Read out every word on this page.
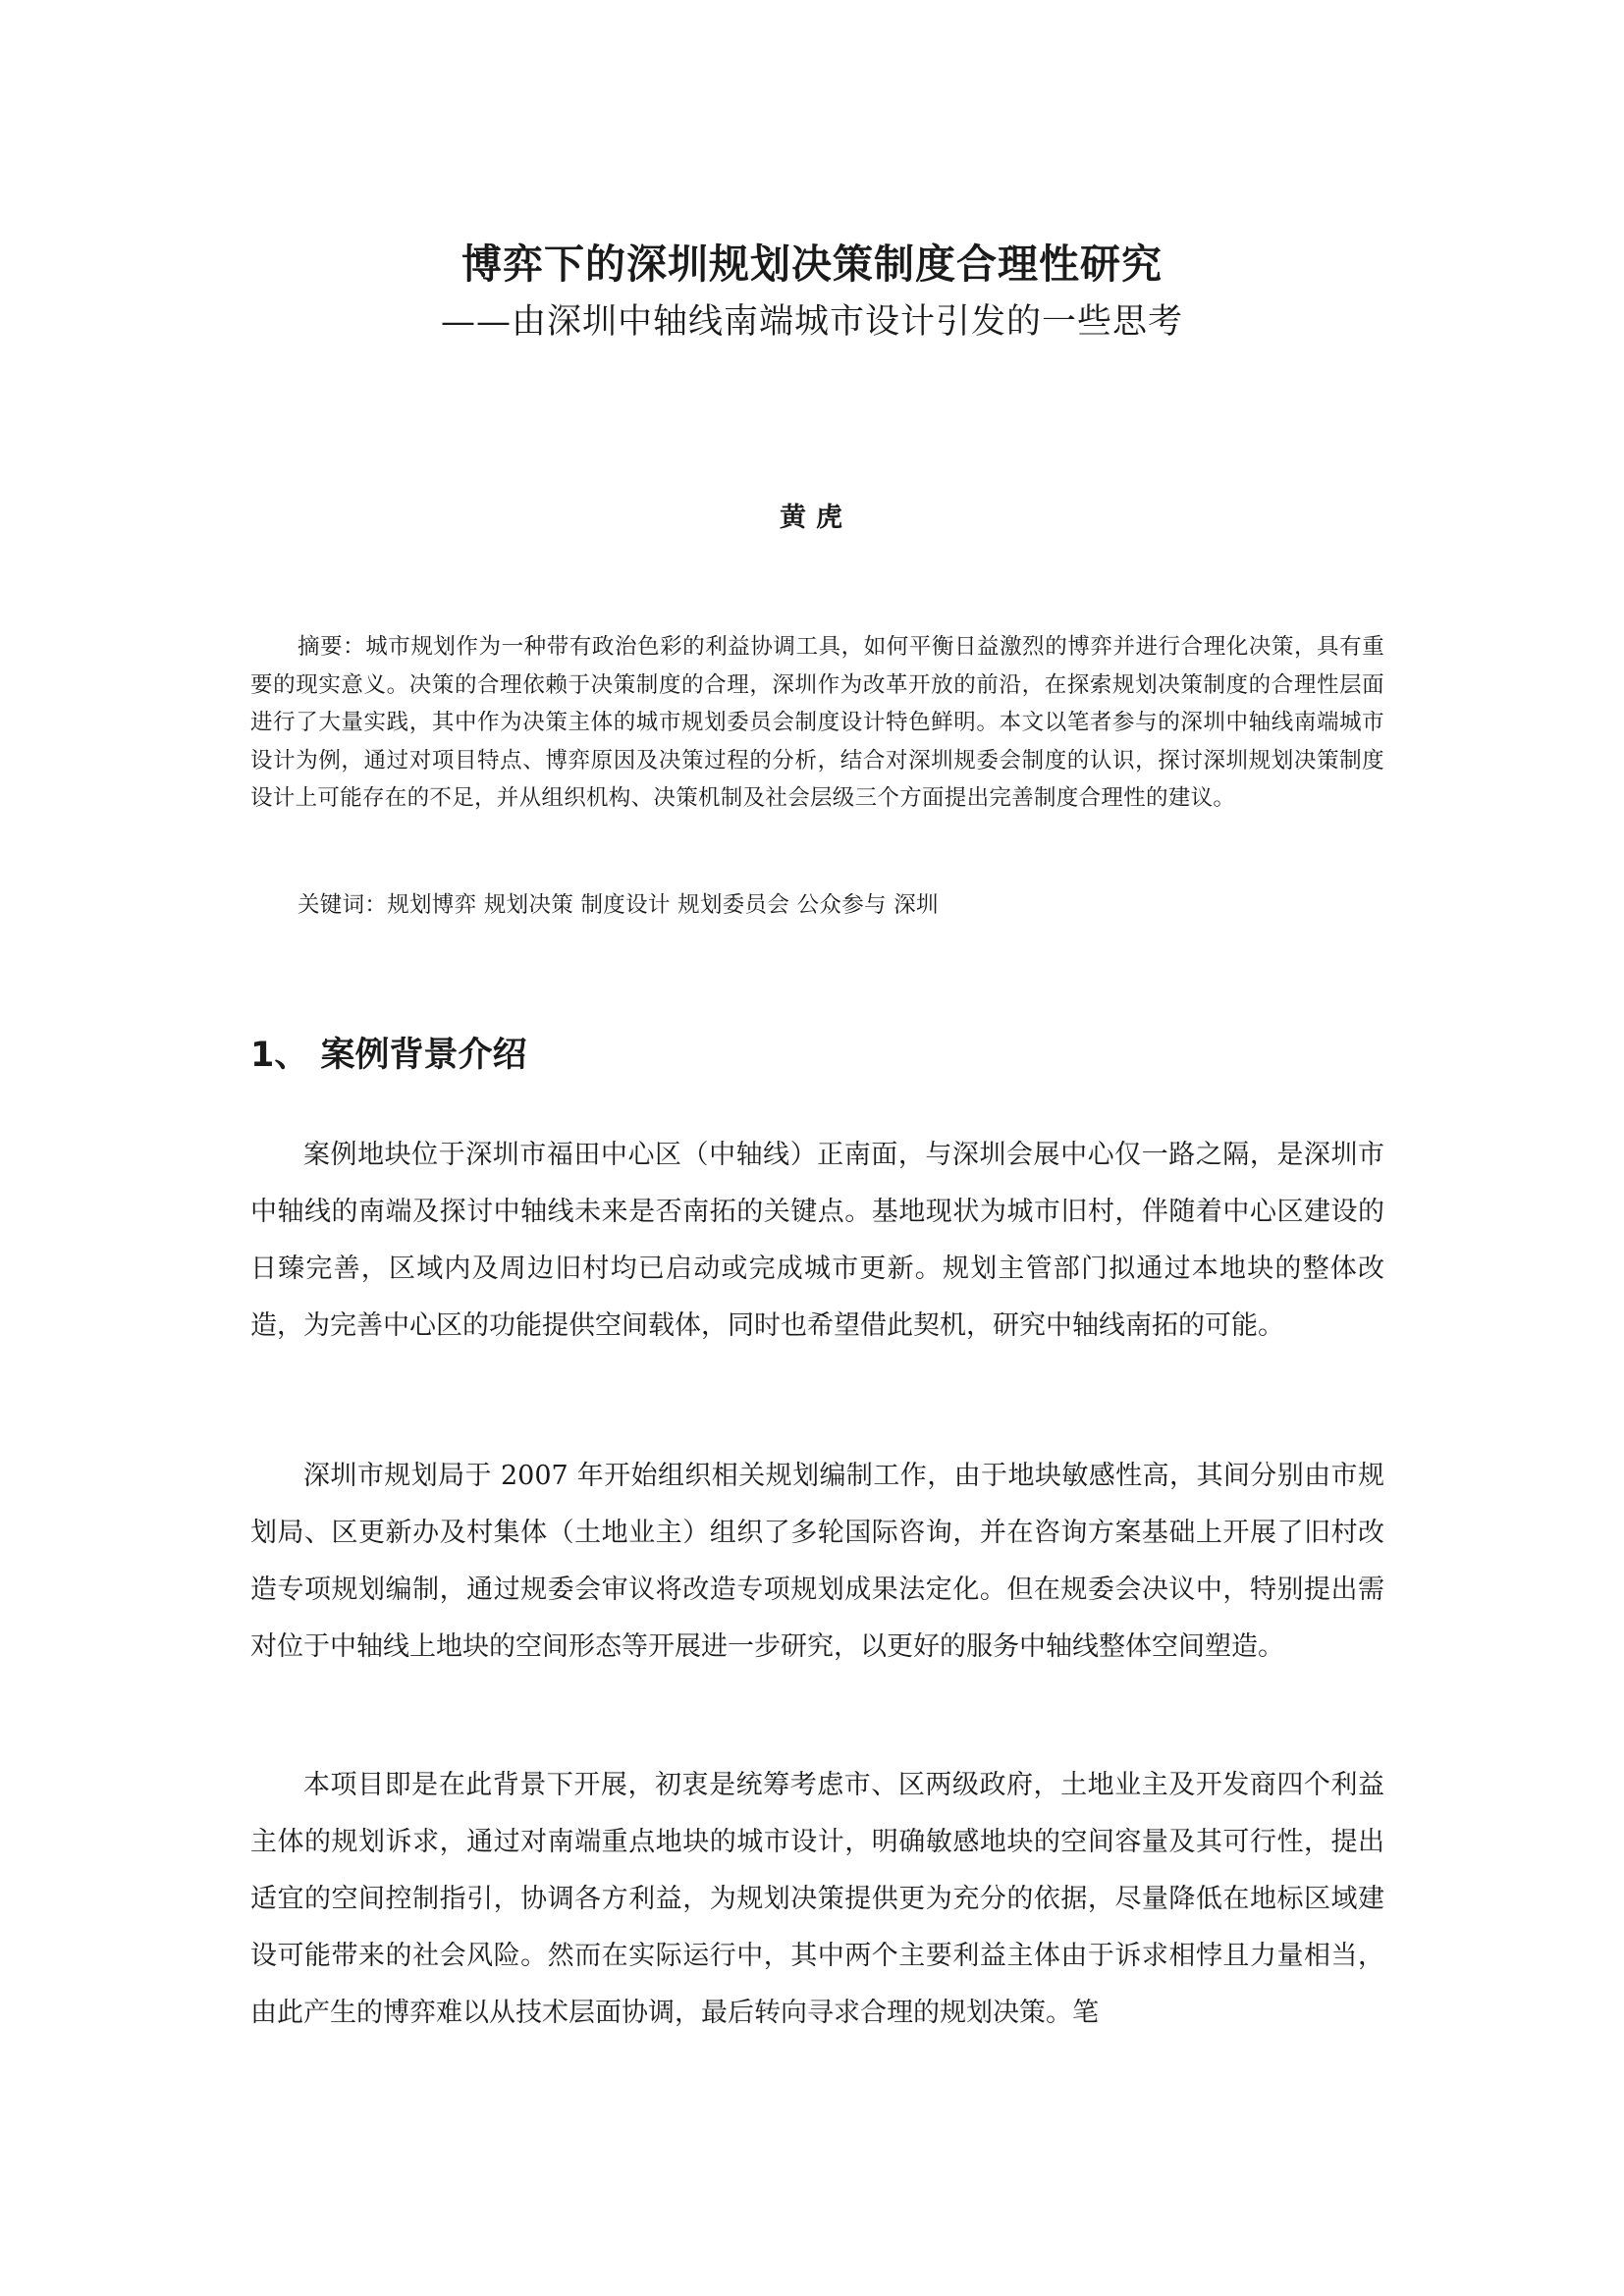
博弈下的深圳规划决策制度合理性研究
——由深圳中轴线南端城市设计引发的一些思考
黄虎

摘要：城市规划作为一种带有政治色彩的利益协调工具，如何平衡日益激烈的博弈并进行合理化决策，具有重要的现实意义。决策的合理依赖于决策制度的合理，深圳作为改革开放的前沿，在探索规划决策制度的合理性层面进行了大量实践，其中作为决策主体的城市规划委员会制度设计特色鲜明。本文以笔者参与的深圳中轴线南端城市设计为例，通过对项目特点、博弈原因及决策过程的分析，结合对深圳规委会制度的认识，探讨深圳规划决策制度设计上可能存在的不足，并从组织机构、决策机制及社会层级三个方面提出完善制度合理性的建议。

关键词：规划博弈 规划决策 制度设计 规划委员会 公众参与 深圳

1、 案例背景介绍

案例地块位于深圳市福田中心区（中轴线）正南面，与深圳会展中心仅一路之隔，是深圳市中轴线的南端及探讨中轴线未来是否南拓的关键点。基地现状为城市旧村，伴随着中心区建设的日臻完善，区域内及周边旧村均已启动或完成城市更新。规划主管部门拟通过本地块的整体改造，为完善中心区的功能提供空间载体，同时也希望借此契机，研究中轴线南拓的可能。

深圳市规划局于 2007 年开始组织相关规划编制工作，由于地块敏感性高，其间分别由市规划局、区更新办及村集体（土地业主）组织了多轮国际咨询，并在咨询方案基础上开展了旧村改造专项规划编制，通过规委会审议将改造专项规划成果法定化。但在规委会决议中，特别提出需对位于中轴线上地块的空间形态等开展进一步研究，以更好的服务中轴线整体空间塑造。

本项目即是在此背景下开展，初衷是统筹考虑市、区两级政府，土地业主及开发商四个利益主体的规划诉求，通过对南端重点地块的城市设计，明确敏感地块的空间容量及其可行性，提出适宜的空间控制指引，协调各方利益，为规划决策提供更为充分的依据，尽量降低在地标区域建设可能带来的社会风险。然而在实际运行中，其中两个主要利益主体由于诉求相悖且力量相当，由此产生的博弈难以从技术层面协调，最后转向寻求合理的规划决策。笔
